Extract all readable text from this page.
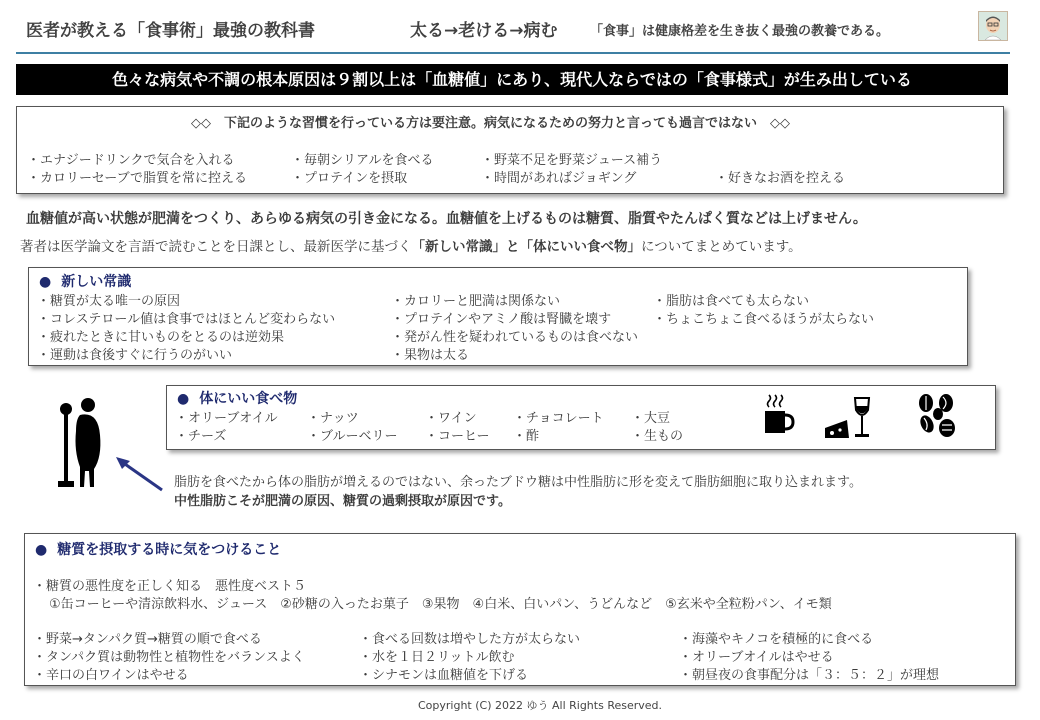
医者が教える「食事術」最強の教科書	太る→老ける→病む	「食事」は健康格差を生き抜く最強の教養である。
色々な病気や不調の根本原因は９割以上は「血糖値」にあり、現代人ならではの「食事様式」が生み出している
◇◇　下記のような習慣を行っている方は要注意。病気になるための努力と言っても過言ではない　◇◇
・エナジードリンクで気合を入れる	・毎朝シリアルを食べる	・野菜不足を野菜ジュース補う
・カロリーセーブで脂質を常に控える	・プロテインを摂取	・時間があればジョギング	・好きなお酒を控える
血糖値が高い状態が肥満をつくり、あらゆる病気の引き金になる。血糖値を上げるものは糖質、脂質やたんぱく質などは上げません。
著者は医学論文を言語で読むことを日課とし、最新医学に基づく「新しい常識」と「体にいい食べ物」についてまとめています。
● 新しい常識
・糖質が太る唯一の原因
・コレステロール値は食事ではほとんど変わらない
・疲れたときに甘いものをとるのは逆効果
・運動は食後すぐに行うのがいい
・カロリーと肥満は関係ない
・プロテインやアミノ酸は腎臓を壊す
・発がん性を疑われているものは食べない
・果物は太る
・脂肪は食べても太らない
・ちょこちょこ食べるほうが太らない
● 体にいい食べ物
・オリーブオイル ・ナッツ	・ワイン	・チョコレート ・大豆
・チーズ	・ブルーベリー ・コーヒー ・酢	・生もの
脂肪を食べたから体の脂肪が増えるのではない、余ったブドウ糖は中性脂肪に形を変えて脂肪細胞に取り込まれます。
中性脂肪こそが肥満の原因、糖質の過剰摂取が原因です。
● 糖質を摂取する時に気をつけること
・糖質の悪性度を正しく知る　悪性度ベスト５
①缶コーヒーや清涼飲料水、ジュース　②砂糖の入ったお菓子　③果物　④白米、白いパン、うどんなど　⑤玄米や全粒粉パン、イモ類
・野菜→タンパク質→糖質の順で食べる
・タンパク質は動物性と植物性をバランスよく
・辛口の白ワインはやせる
・食べる回数は増やした方が太らない
・水を１日２リットル飲む
・シナモンは血糖値を下げる
・海藻やキノコを積極的に食べる
・オリーブオイルはやせる
・朝昼夜の食事配分は「３：５：２」が理想
Copyright (C) 2022 ゆう All Rights Reserved.
